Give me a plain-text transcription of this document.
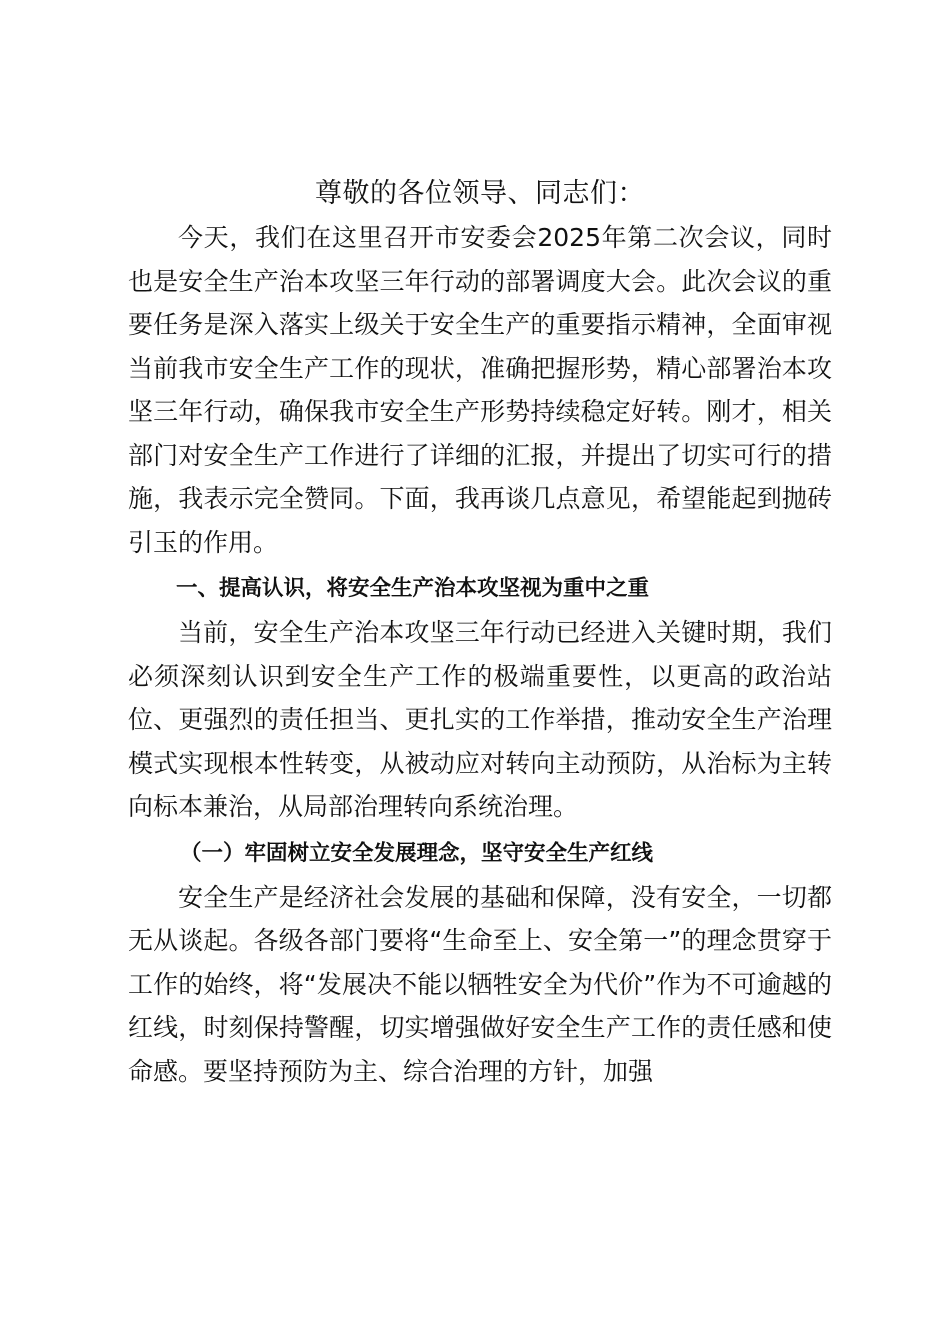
尊敬的各位领导、同志们：

今天，我们在这里召开市安委会2025年第二次会议，同时也是安全生产治本攻坚三年行动的部署调度大会。此次会议的重要任务是深入落实上级关于安全生产的重要指示精神，全面审视当前我市安全生产工作的现状，准确把握形势，精心部署治本攻坚三年行动，确保我市安全生产形势持续稳定好转。刚才，相关部门对安全生产工作进行了详细的汇报，并提出了切实可行的措施，我表示完全赞同。下面，我再谈几点意见，希望能起到抛砖引玉的作用。

一、提高认识，将安全生产治本攻坚视为重中之重

当前，安全生产治本攻坚三年行动已经进入关键时期，我们必须深刻认识到安全生产工作的极端重要性，以更高的政治站位、更强烈的责任担当、更扎实的工作举措，推动安全生产治理模式实现根本性转变，从被动应对转向主动预防，从治标为主转向标本兼治，从局部治理转向系统治理。

（一）牢固树立安全发展理念，坚守安全生产红线

安全生产是经济社会发展的基础和保障，没有安全，一切都无从谈起。各级各部门要将“生命至上、安全第一”的理念贯穿于工作的始终，将“发展决不能以牺牲安全为代价”作为不可逾越的红线，时刻保持警醒，切实增强做好安全生产工作的责任感和使命感。要坚持预防为主、综合治理的方针，加强
